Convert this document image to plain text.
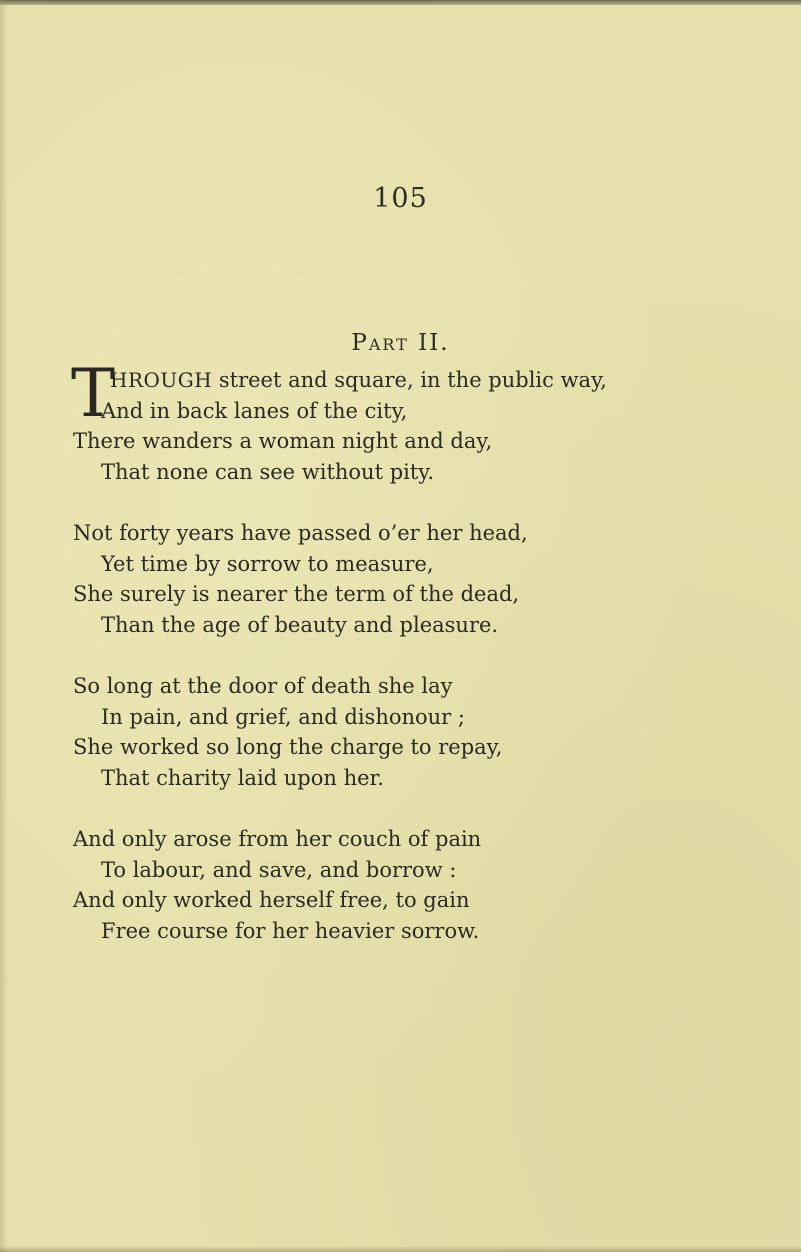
105
Part II.
T
HROUGH street and square, in the public way,
And in back lanes of the city,
There wanders a woman night and day,
That none can see without pity.
Not forty years have passed o’er her head,
Yet time by sorrow to measure,
She surely is nearer the term of the dead,
Than the age of beauty and pleasure.
So long at the door of death she lay
In pain, and grief, and dishonour ;
She worked so long the charge to repay,
That charity laid upon her.
And only arose from her couch of pain
To labour, and save, and borrow :
And only worked herself free, to gain
Free course for her heavier sorrow.
